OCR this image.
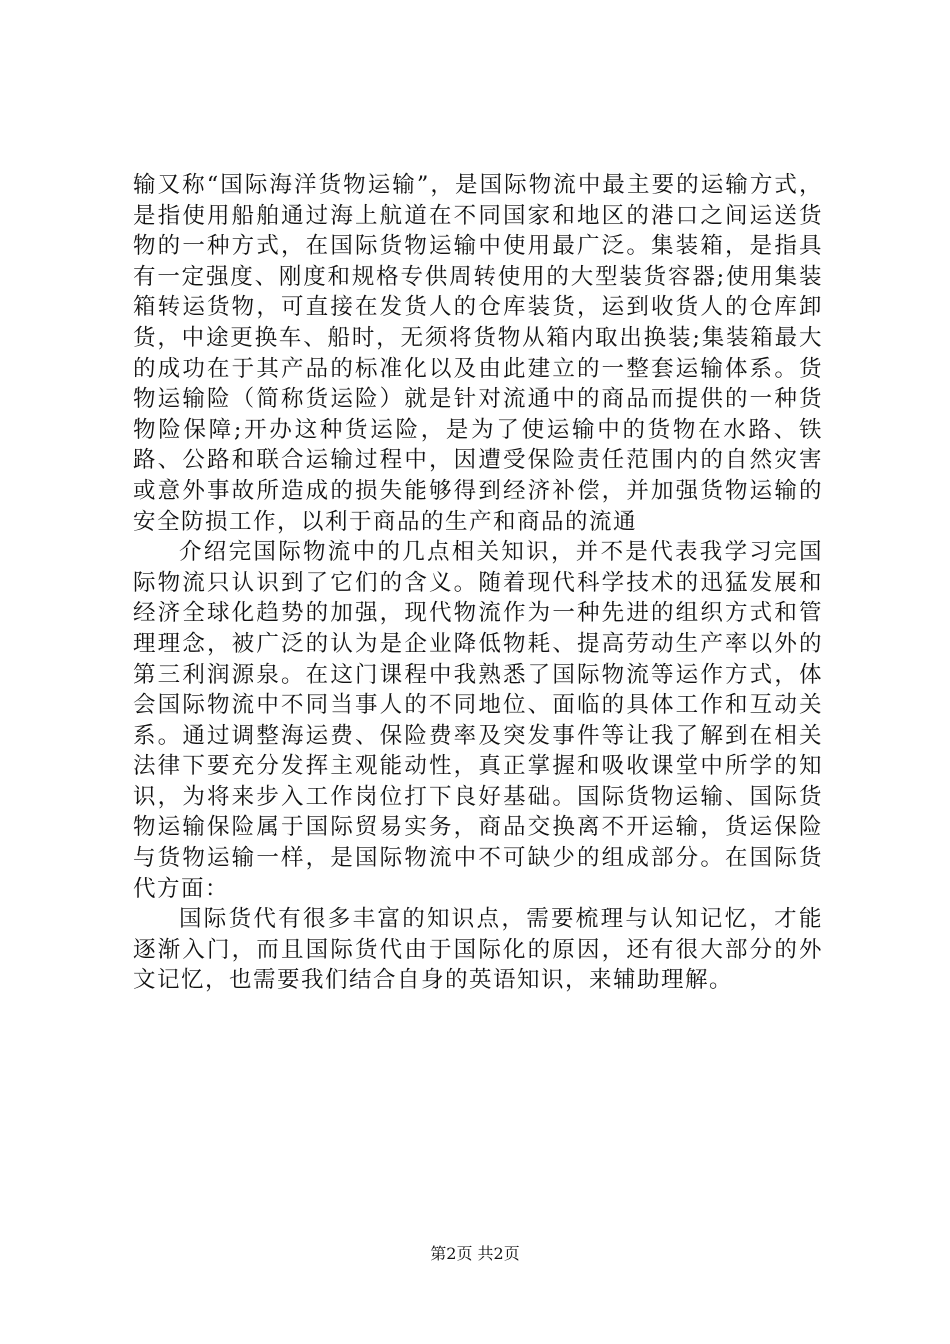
输又称“国际海洋货物运输”，是国际物流中最主要的运输方式，是指使用船舶通过海上航道在不同国家和地区的港口之间运送货物的一种方式，在国际货物运输中使用最广泛。集装箱，是指具有一定强度、刚度和规格专供周转使用的大型装货容器;使用集装箱转运货物，可直接在发货人的仓库装货，运到收货人的仓库卸货，中途更换车、船时，无须将货物从箱内取出换装;集装箱最大的成功在于其产品的标准化以及由此建立的一整套运输体系。货物运输险（简称货运险）就是针对流通中的商品而提供的一种货物险保障;开办这种货运险，是为了使运输中的货物在水路、铁路、公路和联合运输过程中，因遭受保险责任范围内的自然灾害或意外事故所造成的损失能够得到经济补偿，并加强货物运输的安全防损工作，以利于商品的生产和商品的流通

介绍完国际物流中的几点相关知识，并不是代表我学习完国际物流只认识到了它们的含义。随着现代科学技术的迅猛发展和经济全球化趋势的加强，现代物流作为一种先进的组织方式和管理理念，被广泛的认为是企业降低物耗、提高劳动生产率以外的第三利润源泉。在这门课程中我熟悉了国际物流等运作方式，体会国际物流中不同当事人的不同地位、面临的具体工作和互动关系。通过调整海运费、保险费率及突发事件等让我了解到在相关法律下要充分发挥主观能动性，真正掌握和吸收课堂中所学的知识，为将来步入工作岗位打下良好基础。国际货物运输、国际货物运输保险属于国际贸易实务，商品交换离不开运输，货运保险与货物运输一样，是国际物流中不可缺少的组成部分。在国际货代方面：

国际货代有很多丰富的知识点，需要梳理与认知记忆，才能逐渐入门，而且国际货代由于国际化的原因，还有很大部分的外文记忆，也需要我们结合自身的英语知识，来辅助理解。

第2页 共2页
